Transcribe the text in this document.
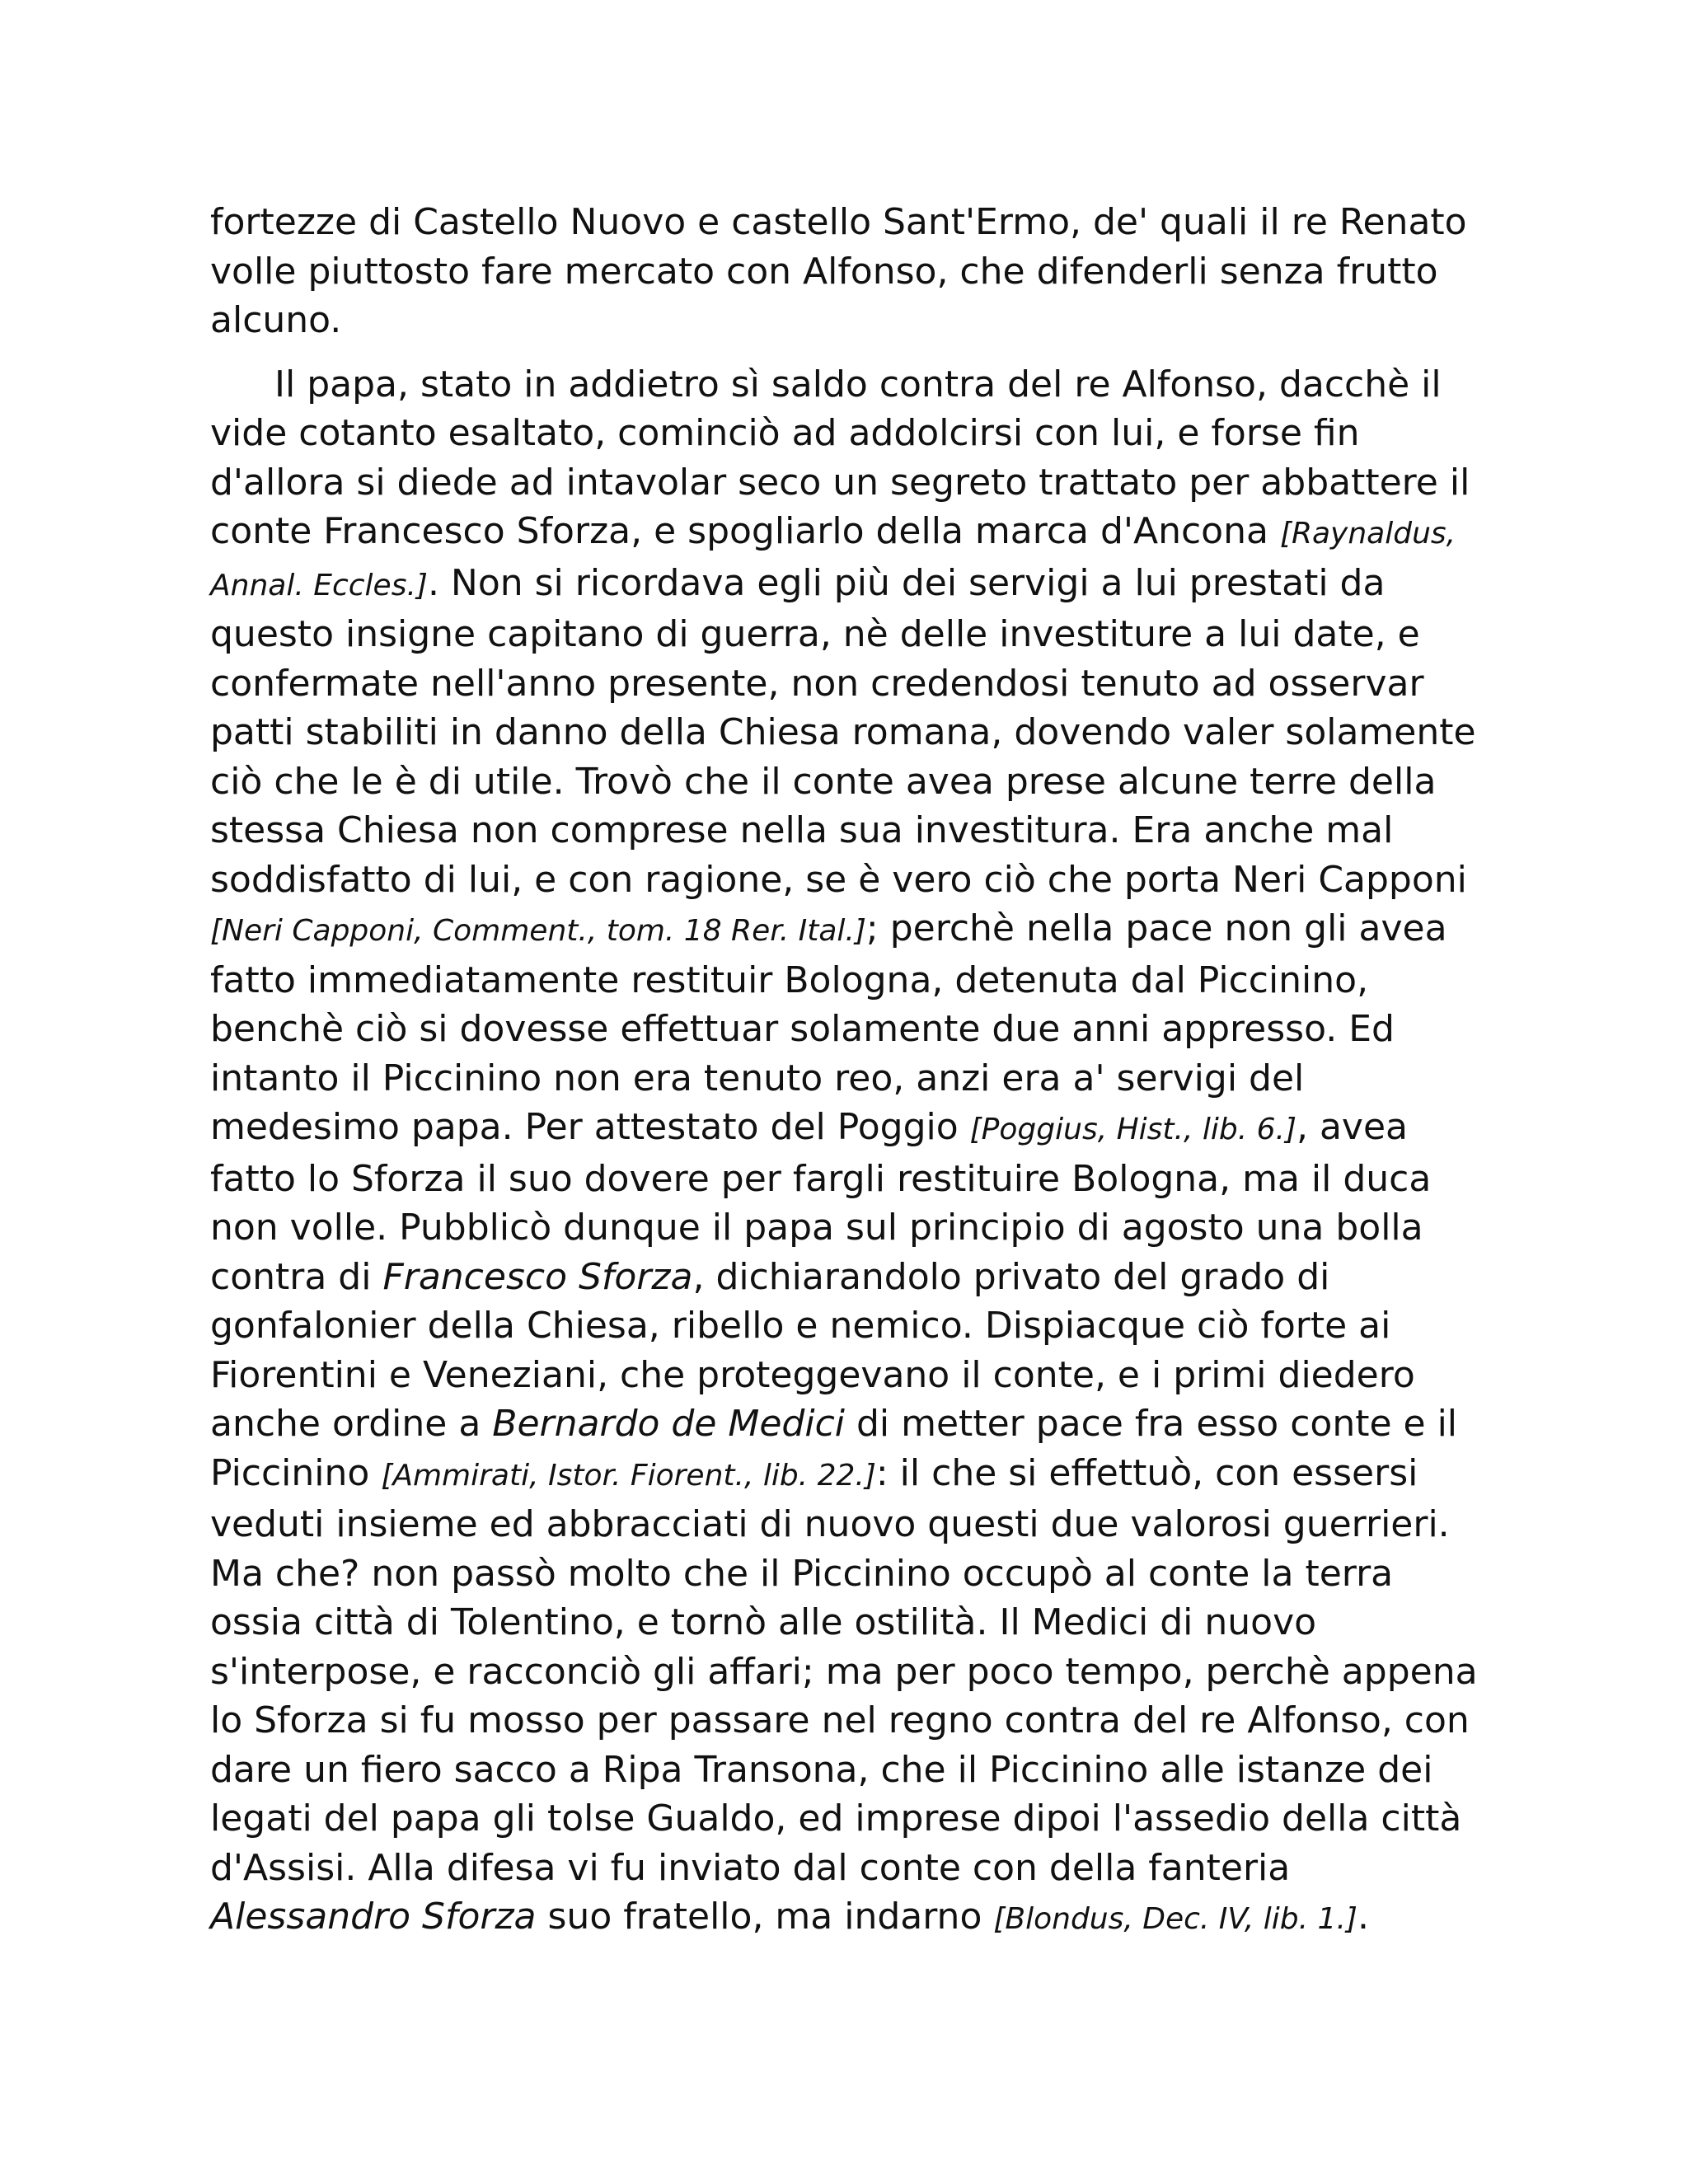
fortezze di Castello Nuovo e castello Sant'Ermo, de' quali il re Renato volle piuttosto fare mercato con Alfonso, che difenderli senza frutto alcuno.

Il papa, stato in addietro sì saldo contra del re Alfonso, dacchè il vide cotanto esaltato, cominciò ad addolcirsi con lui, e forse fin d'allora si diede ad intavolar seco un segreto trattato per abbattere il conte Francesco Sforza, e spogliarlo della marca d'Ancona [Raynaldus, Annal. Eccles.]. Non si ricordava egli più dei servigi a lui prestati da questo insigne capitano di guerra, nè delle investiture a lui date, e confermate nell'anno presente, non credendosi tenuto ad osservar patti stabiliti in danno della Chiesa romana, dovendo valer solamente ciò che le è di utile. Trovò che il conte avea prese alcune terre della stessa Chiesa non comprese nella sua investitura. Era anche mal soddisfatto di lui, e con ragione, se è vero ciò che porta Neri Capponi [Neri Capponi, Comment., tom. 18 Rer. Ital.]; perchè nella pace non gli avea fatto immediatamente restituir Bologna, detenuta dal Piccinino, benchè ciò si dovesse effettuar solamente due anni appresso. Ed intanto il Piccinino non era tenuto reo, anzi era a' servigi del medesimo papa. Per attestato del Poggio [Poggius, Hist., lib. 6.], avea fatto lo Sforza il suo dovere per fargli restituire Bologna, ma il duca non volle. Pubblicò dunque il papa sul principio di agosto una bolla contra di Francesco Sforza, dichiarandolo privato del grado di gonfalonier della Chiesa, ribello e nemico. Dispiacque ciò forte ai Fiorentini e Veneziani, che proteggevano il conte, e i primi diedero anche ordine a Bernardo de Medici di metter pace fra esso conte e il Piccinino [Ammirati, Istor. Fiorent., lib. 22.]: il che si effettuò, con essersi veduti insieme ed abbracciati di nuovo questi due valorosi guerrieri. Ma che? non passò molto che il Piccinino occupò al conte la terra ossia città di Tolentino, e tornò alle ostilità. Il Medici di nuovo s'interpose, e racconciò gli affari; ma per poco tempo, perchè appena lo Sforza si fu mosso per passare nel regno contra del re Alfonso, con dare un fiero sacco a Ripa Transona, che il Piccinino alle istanze dei legati del papa gli tolse Gualdo, ed imprese dipoi l'assedio della città d'Assisi. Alla difesa vi fu inviato dal conte con della fanteria Alessandro Sforza suo fratello, ma indarno [Blondus, Dec. IV, lib. 1.].
